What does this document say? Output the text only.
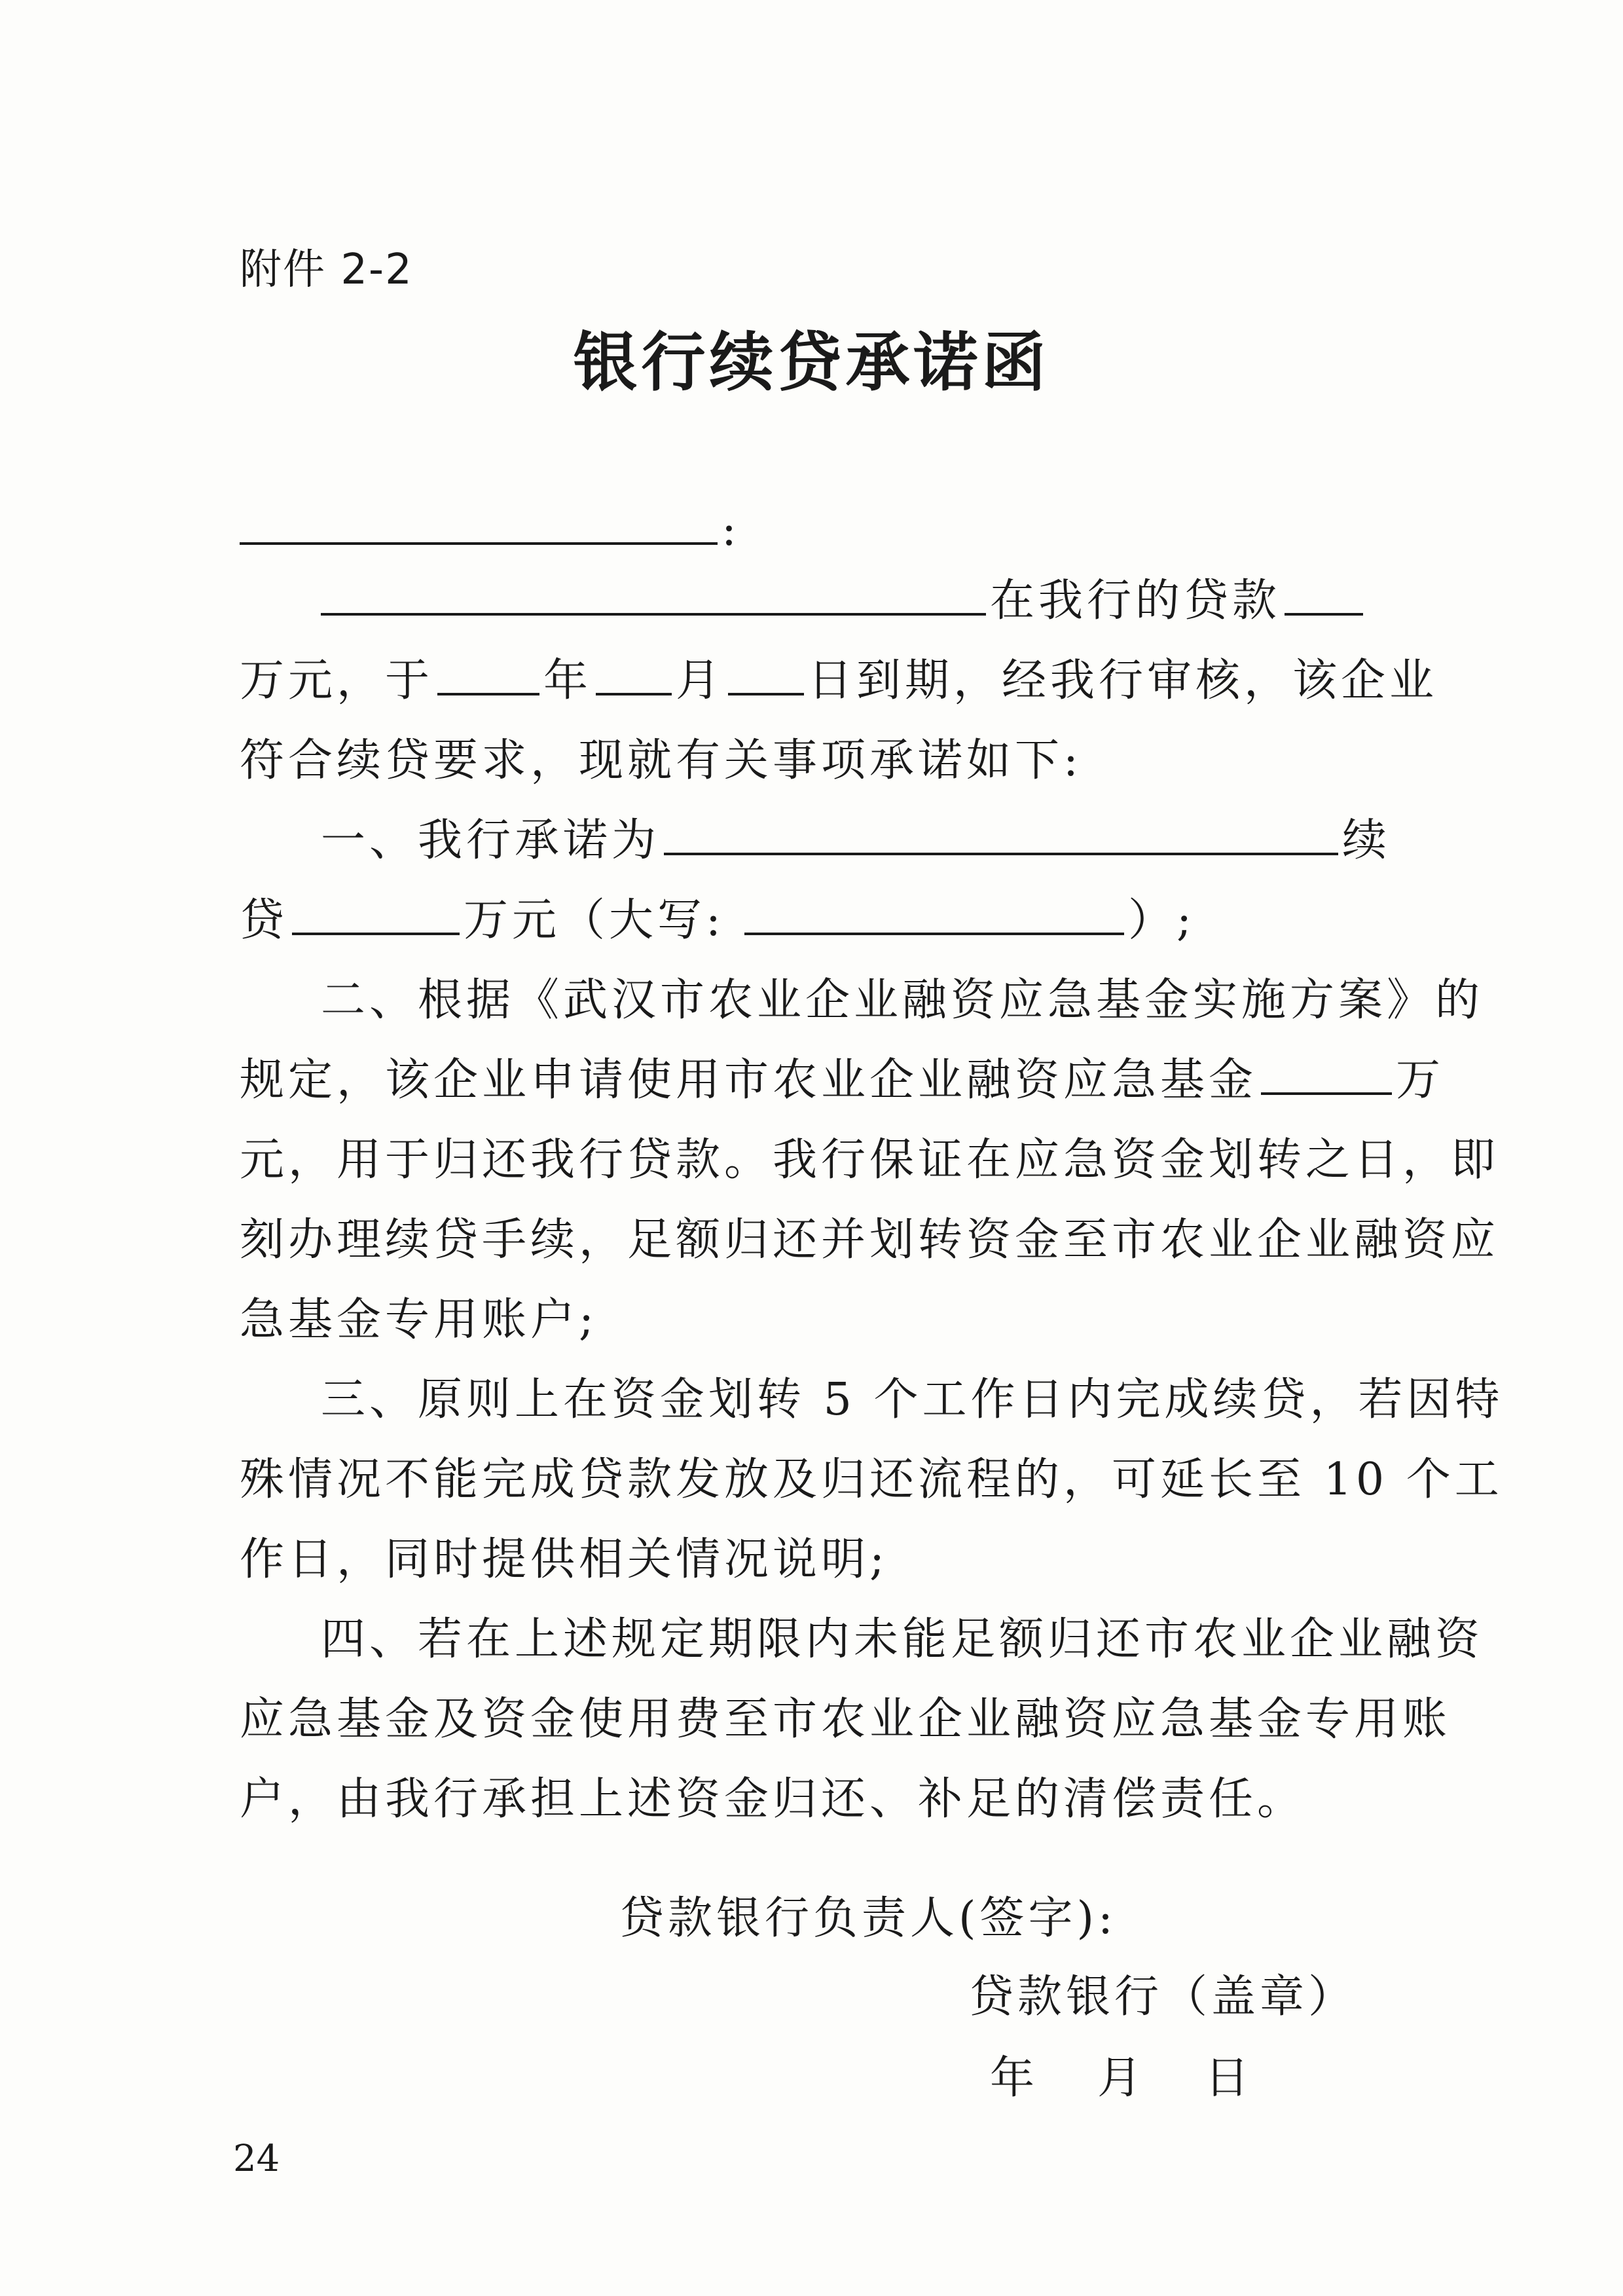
附件 2-2
银行续贷承诺函
:
在我行的贷款
万元，于 年 月 日到期，经我行审核，该企业
符合续贷要求，现就有关事项承诺如下:
一、我行承诺为	续
贷	万元（大写:	）;
二、根据《武汉市农业企业融资应急基金实施方案》的
规定，该企业申请使用市农业企业融资应急基金	万
元，用于归还我行贷款。我行保证在应急资金划转之日，即
刻办理续贷手续，足额归还并划转资金至市农业企业融资应
急基金专用账户;
三、原则上在资金划转 5 个工作日内完成续贷，若因特
殊情况不能完成贷款发放及归还流程的，可延长至 10 个工
作日，同时提供相关情况说明;
四、若在上述规定期限内未能足额归还市农业企业融资
应急基金及资金使用费至市农业企业融资应急基金专用账
户，由我行承担上述资金归还、补足的清偿责任。
贷款银行负责人(签字):
贷款银行（盖章）
年　月　日
24
